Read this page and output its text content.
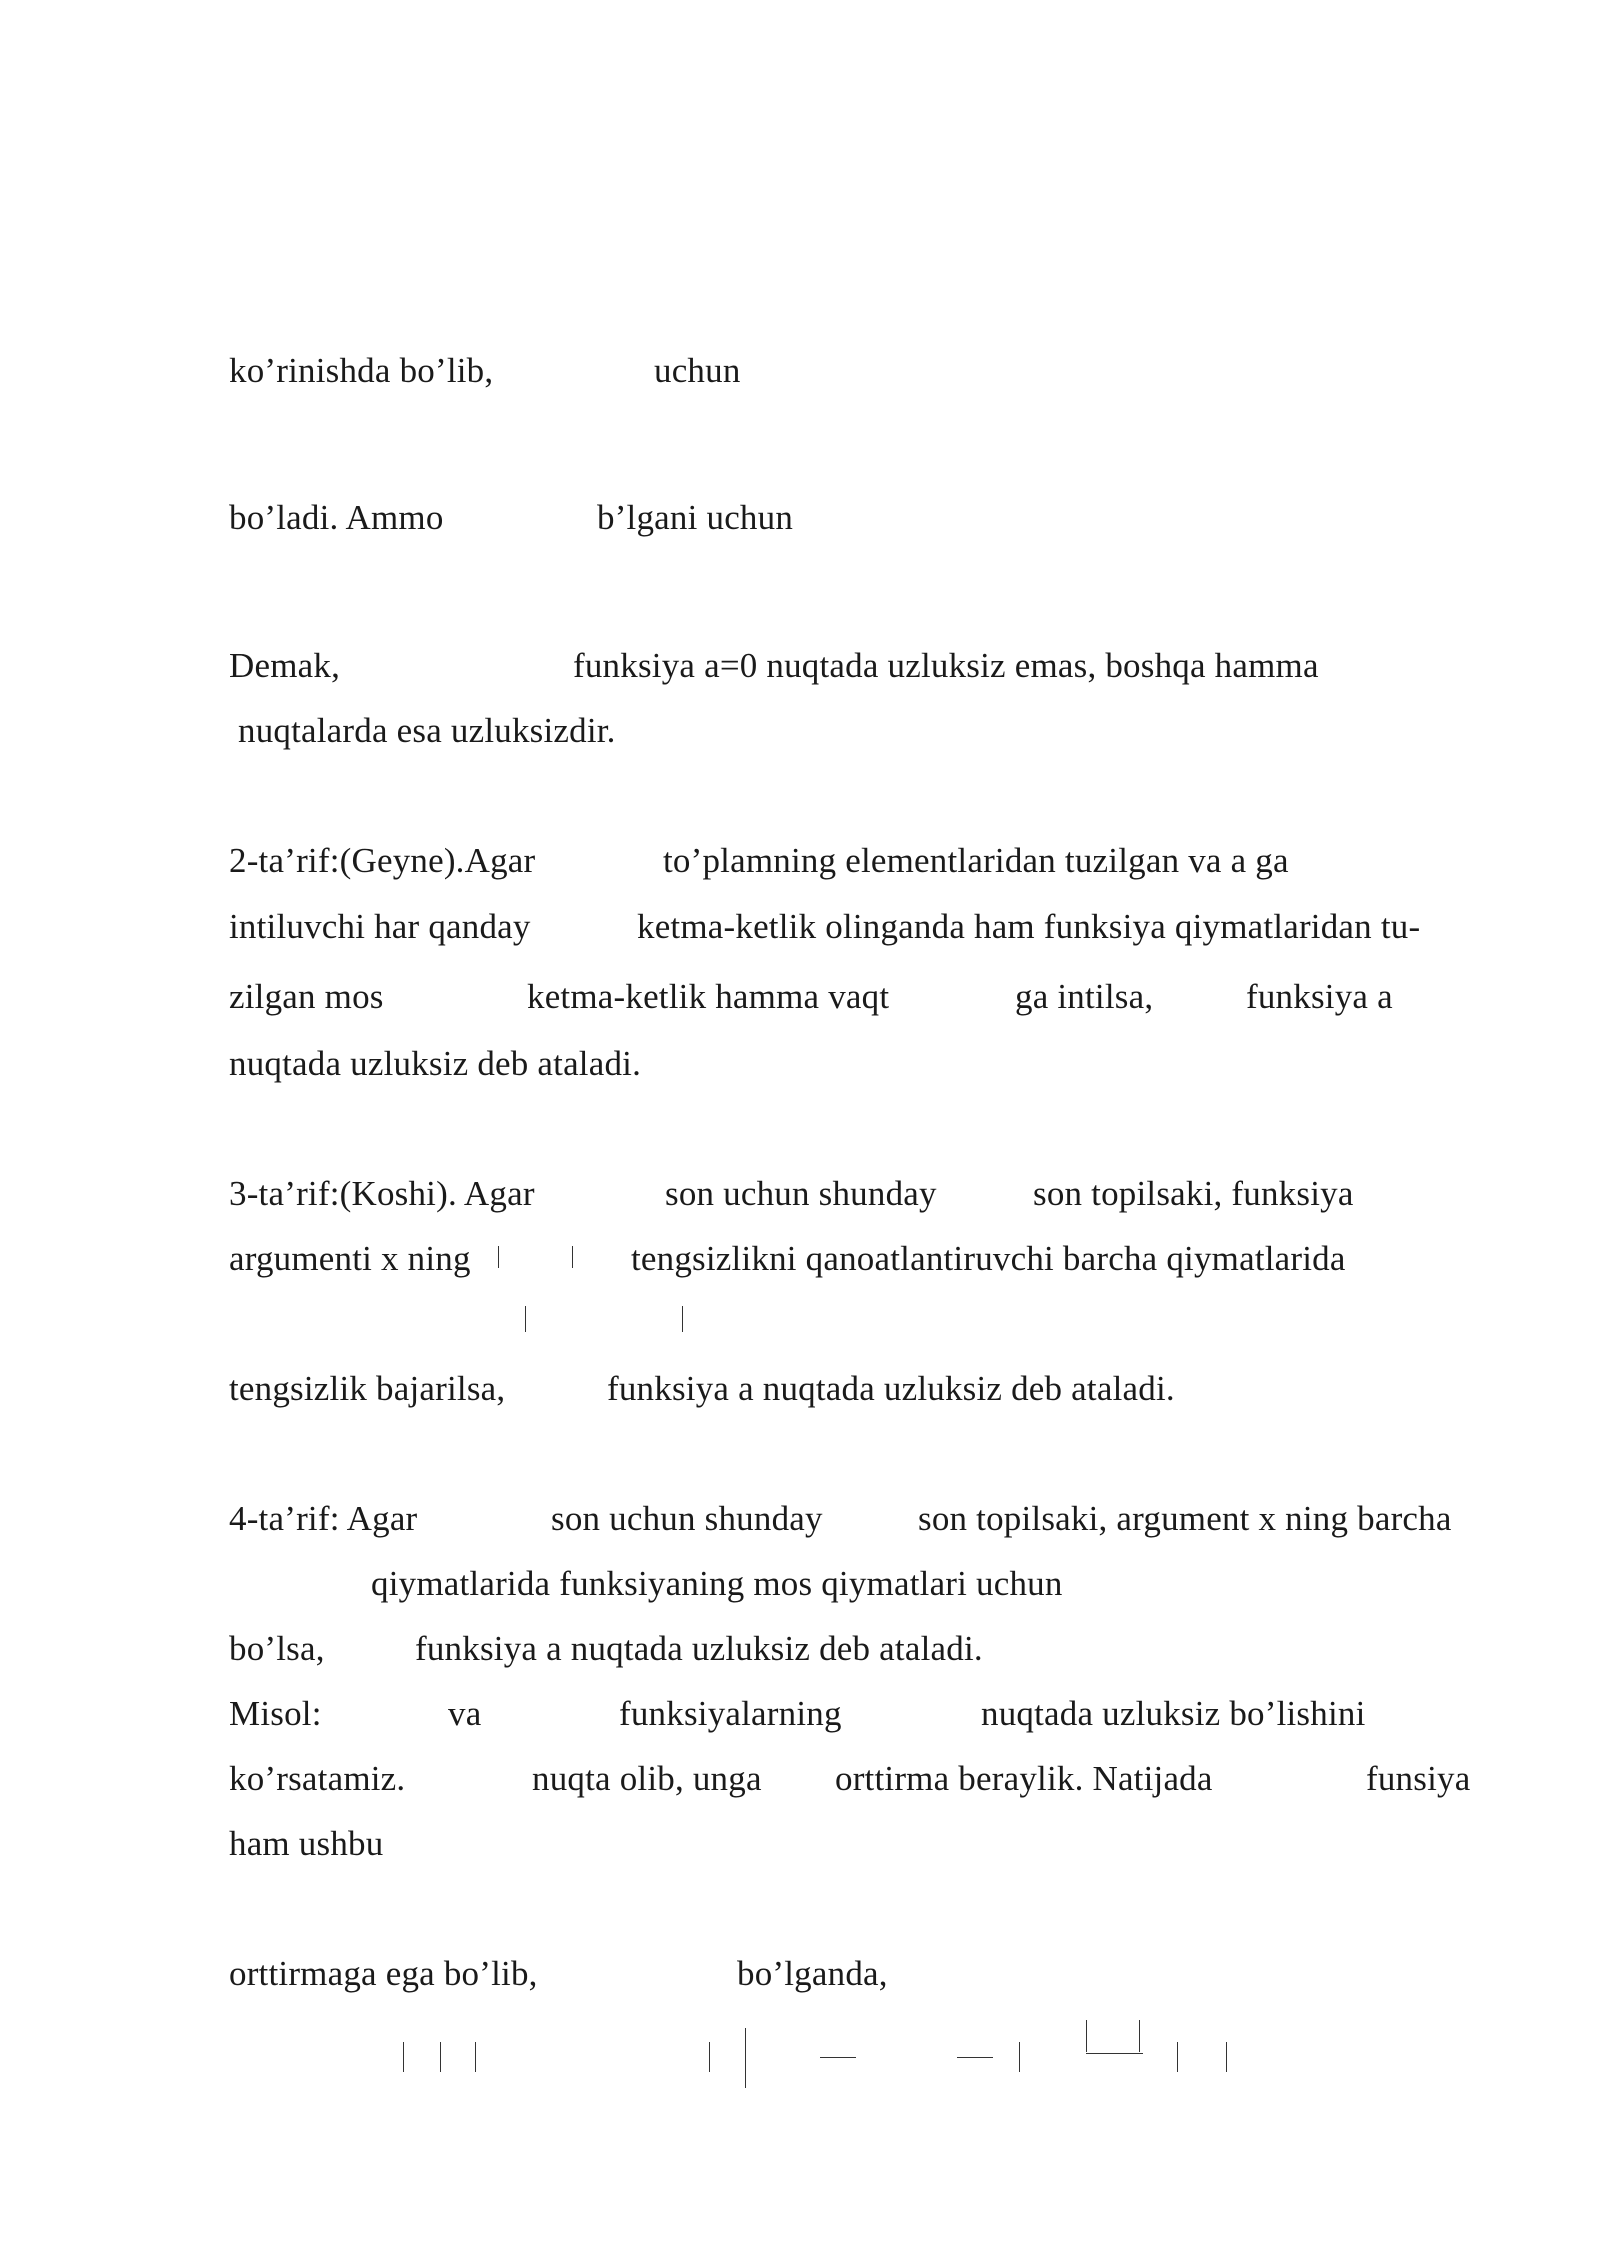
ko’rinishda bo’lib,	uchun
bo’ladi. Ammo	b’lgani uchun
Demak,	funksiya a=0 nuqtada uzluksiz emas, boshqa hamma
nuqtalarda esa uzluksizdir.
2-ta’rif:(Geyne).Agar	to’plamning elementlaridan tuzilgan va a ga
intiluvchi har qanday	ketma-ketlik olinganda ham funksiya qiymatlaridan tu-
zilgan mos	ketma-ketlik hamma vaqt	ga intilsa,	funksiya a
nuqtada uzluksiz deb ataladi.
3-ta’rif:(Koshi). Agar	son uchun shunday	son topilsaki, funksiya
argumenti x ning	tengsizlikni qanoatlantiruvchi barcha qiymatlarida
tengsizlik bajarilsa,	funksiya a nuqtada uzluksiz deb ataladi.
4-ta’rif: Agar	son uchun shunday	son topilsaki, argument x ning barcha
qiymatlarida funksiyaning mos qiymatlari uchun
bo’lsa,	funksiya a nuqtada uzluksiz deb ataladi.
Misol:	va	funksiyalarning	nuqtada uzluksiz bo’lishini
ko’rsatamiz.	nuqta olib, unga orttirma beraylik. Natijada	funsiya
ham ushbu
orttirmaga ega bo’lib,	bo’lganda,
